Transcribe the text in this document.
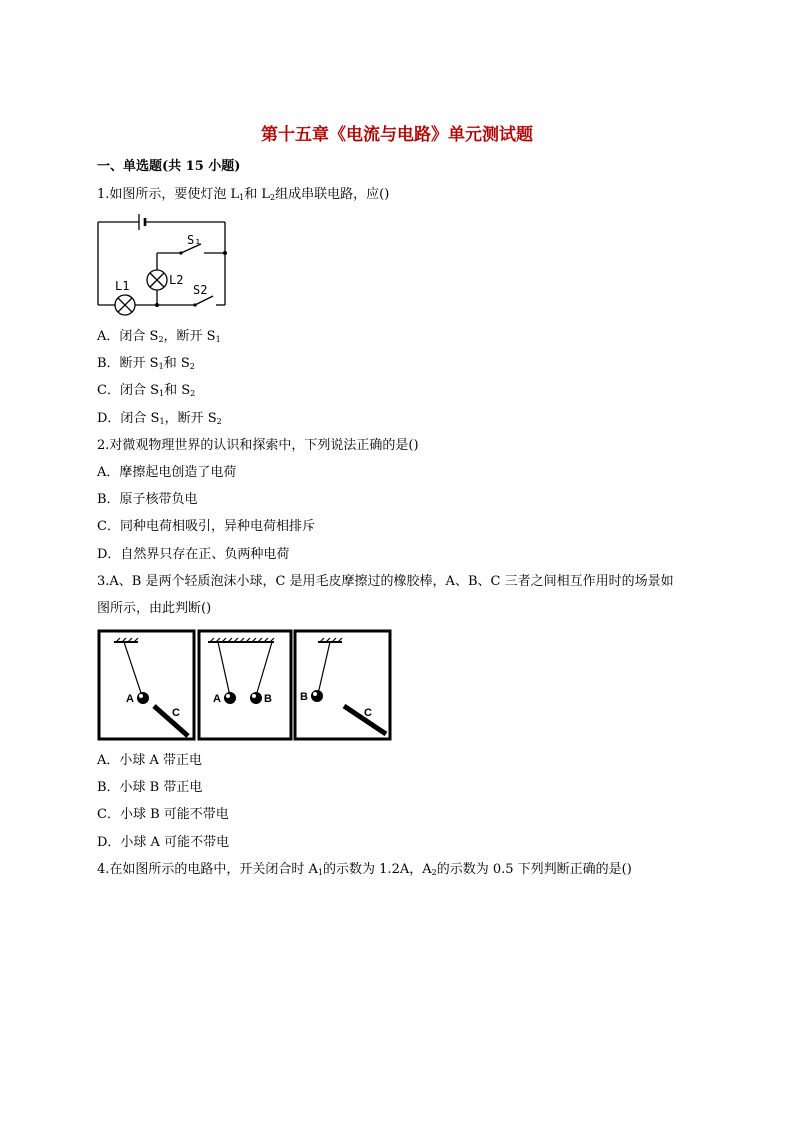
第十五章《电流与电路》单元测试题
一、单选题(共 15 小题)
1.如图所示，要使灯泡 $L_1$和 $L_2$组成串联电路，应()
S₁
L1	L2
S2
A．闭合 $S_2$，断开 $S_1$
B．断开 $S_1$和 $S_2$
C．闭合 $S_1$和 $S_2$
D．闭合 $S_1$，断开 $S_2$
2.对微观物理世界的认识和探索中，下列说法正确的是()
A．摩擦起电创造了电荷
B．原子核带负电
C．同种电荷相吸引，异种电荷相排斥
D．自然界只存在正、负两种电荷
3.A、B 是两个轻质泡沫小球，C 是用毛皮摩擦过的橡胶棒，A、B、C 三者之间相互作用时的场景如
图所示，由此判断()
A
C
A	B	B
C
A．小球 A 带正电
B．小球 B 带正电
C．小球 B 可能不带电
D．小球 A 可能不带电
4.在如图所示的电路中，开关闭合时 $A_1$的示数为 1.2A，$A_2$的示数为 0.5 下列判断正确的是()
